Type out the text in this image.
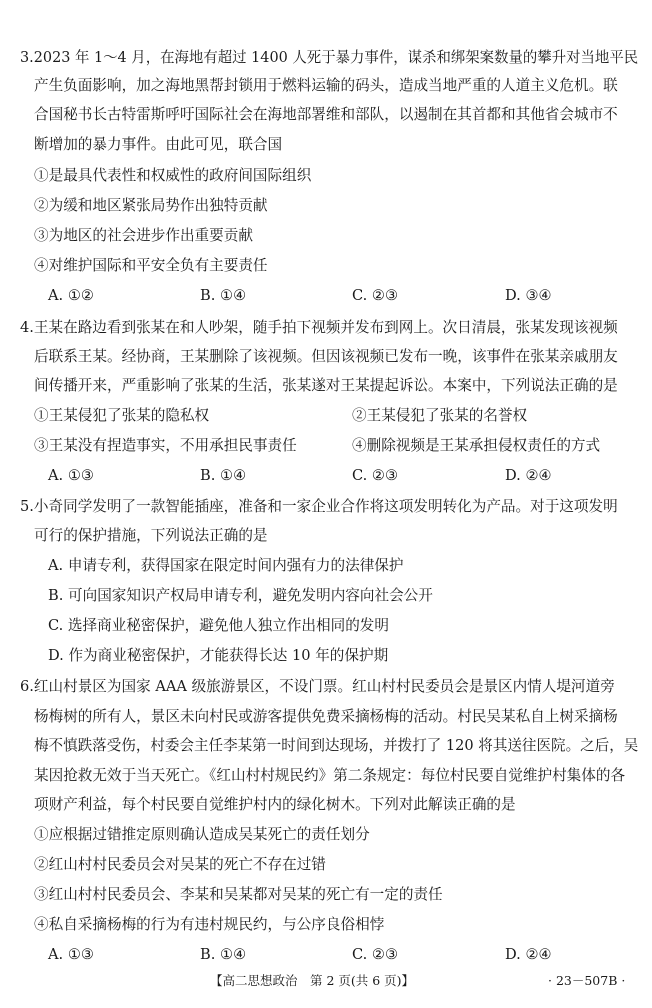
3.2023 年 1～4 月，在海地有超过 1400 人死于暴力事件，谋杀和绑架案数量的攀升对当地平民
产生负面影响，加之海地黑帮封锁用于燃料运输的码头，造成当地严重的人道主义危机。联
合国秘书长古特雷斯呼吁国际社会在海地部署维和部队，以遏制在其首都和其他省会城市不
断增加的暴力事件。由此可见，联合国
①是最具代表性和权威性的政府间国际组织
②为缓和地区紧张局势作出独特贡献
③为地区的社会进步作出重要贡献
④对维护国际和平安全负有主要责任
A. ①②	B. ①④	C. ②③	D. ③④
4.王某在路边看到张某在和人吵架，随手拍下视频并发布到网上。次日清晨，张某发现该视频
后联系王某。经协商，王某删除了该视频。但因该视频已发布一晚，该事件在张某亲戚朋友
间传播开来，严重影响了张某的生活，张某遂对王某提起诉讼。本案中，下列说法正确的是
①王某侵犯了张某的隐私权	②王某侵犯了张某的名誉权
③王某没有捏造事实，不用承担民事责任	④删除视频是王某承担侵权责任的方式
A. ①③	B. ①④	C. ②③	D. ②④
5.小奇同学发明了一款智能插座，准备和一家企业合作将这项发明转化为产品。对于这项发明
可行的保护措施，下列说法正确的是
A. 申请专利，获得国家在限定时间内强有力的法律保护
B. 可向国家知识产权局申请专利，避免发明内容向社会公开
C. 选择商业秘密保护，避免他人独立作出相同的发明
D. 作为商业秘密保护，才能获得长达 10 年的保护期
6.红山村景区为国家 AAA 级旅游景区，不设门票。红山村村民委员会是景区内情人堤河道旁
杨梅树的所有人，景区未向村民或游客提供免费采摘杨梅的活动。村民吴某私自上树采摘杨
梅不慎跌落受伤，村委会主任李某第一时间到达现场，并拨打了 120 将其送往医院。之后，吴
某因抢救无效于当天死亡。《红山村村规民约》第二条规定：每位村民要自觉维护村集体的各
项财产利益，每个村民要自觉维护村内的绿化树木。下列对此解读正确的是
①应根据过错推定原则确认造成吴某死亡的责任划分
②红山村村民委员会对吴某的死亡不存在过错
③红山村村民委员会、李某和吴某都对吴某的死亡有一定的责任
④私自采摘杨梅的行为有违村规民约，与公序良俗相悖
A. ①③	B. ①④	C. ②③	D. ②④
【高二思想政治　第 2 页(共 6 页)】	· 23－507B ·
